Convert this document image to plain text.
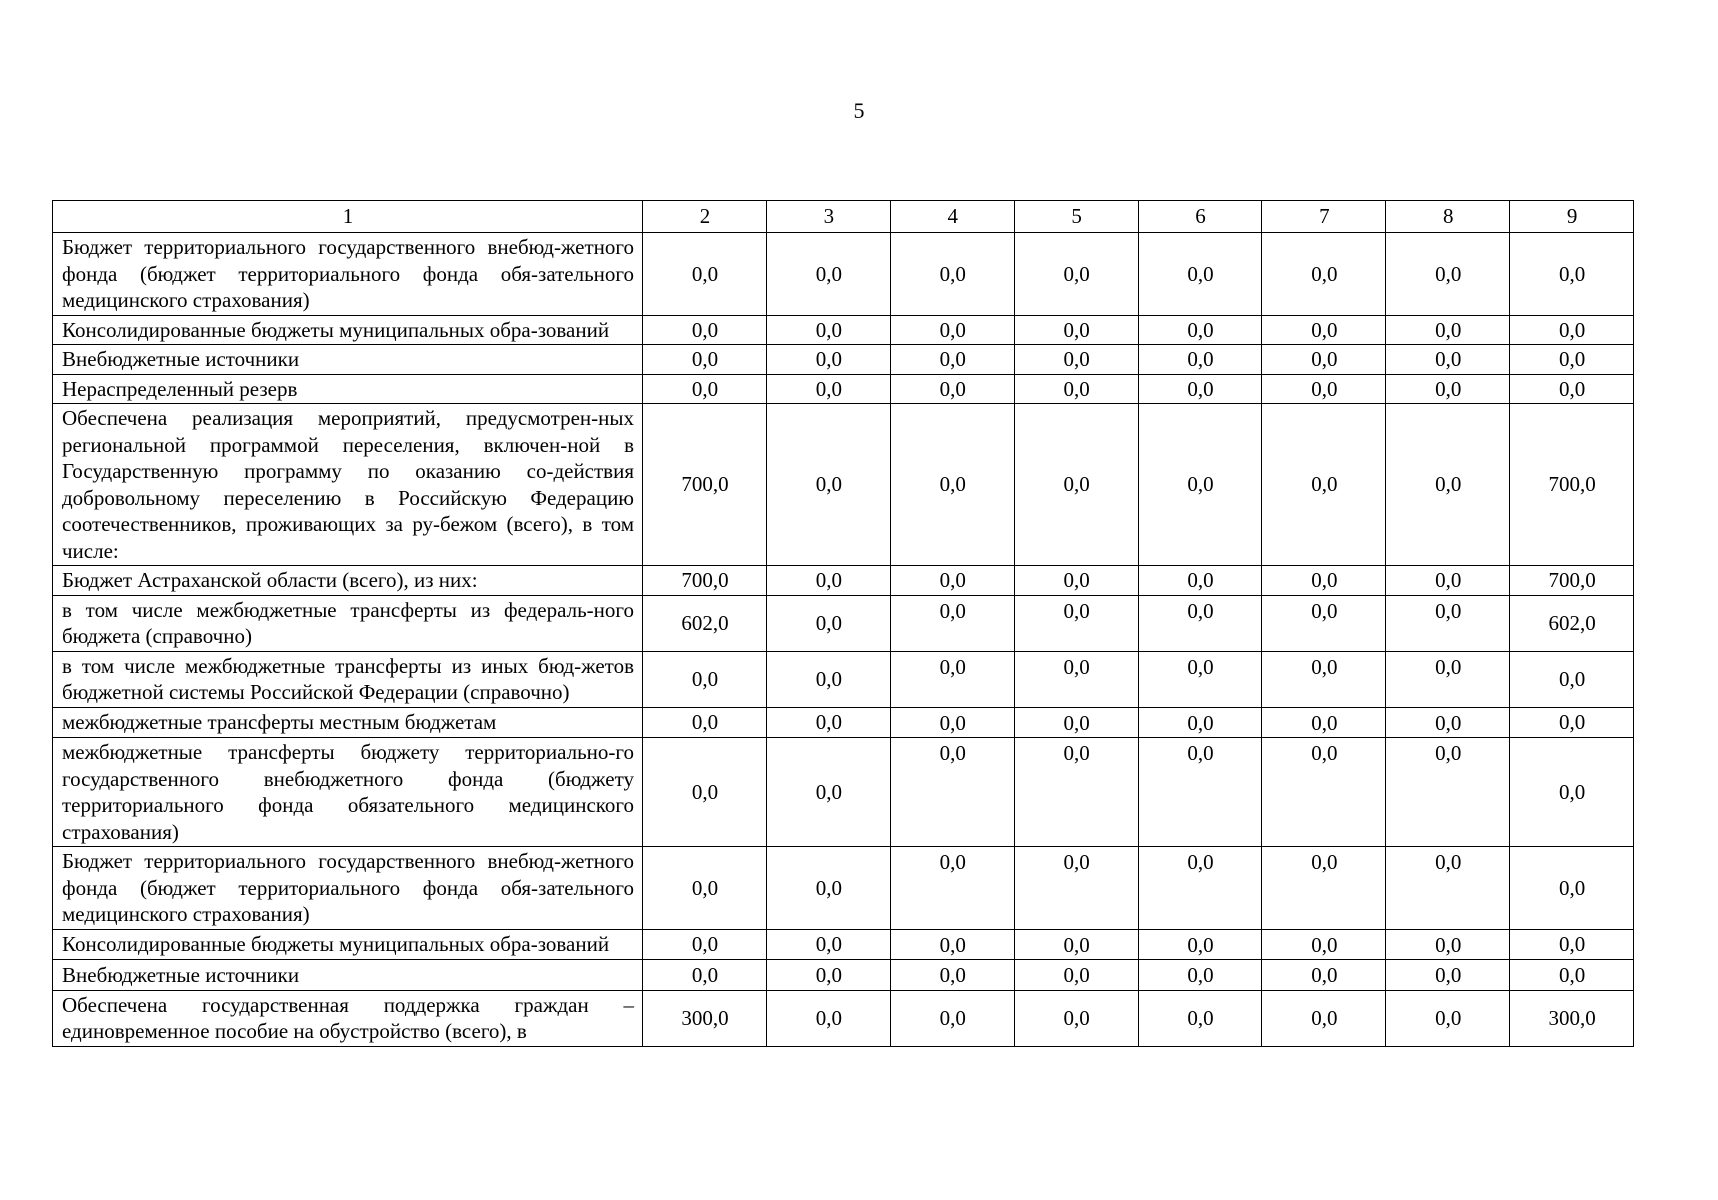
5
1	2	3	4	5	6	7	8	9
Бюджет территориального государственного внебюд-жетного фонда (бюджет территориального фонда обя-зательного медицинского страхования)	0,0	0,0	0,0	0,0	0,0	0,0	0,0	0,0
Консолидированные бюджеты муниципальных обра-зований	0,0	0,0	0,0	0,0	0,0	0,0	0,0	0,0
Внебюджетные источники	0,0	0,0	0,0	0,0	0,0	0,0	0,0	0,0
Нераспределенный резерв	0,0	0,0	0,0	0,0	0,0	0,0	0,0	0,0
Обеспечена реализация мероприятий, предусмотрен-ных региональной программой переселения, включен-ной в Государственную программу по оказанию со-действия добровольному переселению в Российскую Федерацию соотечественников, проживающих за ру-бежом (всего), в том числе:	700,0	0,0	0,0	0,0	0,0	0,0	0,0	700,0
Бюджет Астраханской области (всего), из них:	700,0	0,0	0,0	0,0	0,0	0,0	0,0	700,0
в том числе межбюджетные трансферты из федераль-ного бюджета (справочно)	602,0	0,0	0,0	0,0	0,0	0,0	0,0	602,0
в том числе межбюджетные трансферты из иных бюд-жетов бюджетной системы Российской Федерации (справочно)	0,0	0,0	0,0	0,0	0,0	0,0	0,0	0,0
межбюджетные трансферты местным бюджетам	0,0	0,0	0,0	0,0	0,0	0,0	0,0	0,0
межбюджетные трансферты бюджету территориально-го государственного внебюджетного фонда (бюджету территориального фонда обязательного медицинского страхования)	0,0	0,0	0,0	0,0	0,0	0,0	0,0	0,0
Бюджет территориального государственного внебюд-жетного фонда (бюджет территориального фонда обя-зательного медицинского страхования)	0,0	0,0	0,0	0,0	0,0	0,0	0,0	0,0
Консолидированные бюджеты муниципальных обра-зований	0,0	0,0	0,0	0,0	0,0	0,0	0,0	0,0
Внебюджетные источники	0,0	0,0	0,0	0,0	0,0	0,0	0,0	0,0
Обеспечена государственная поддержка граждан – единовременное пособие на обустройство (всего), в	300,0	0,0	0,0	0,0	0,0	0,0	0,0	300,0
